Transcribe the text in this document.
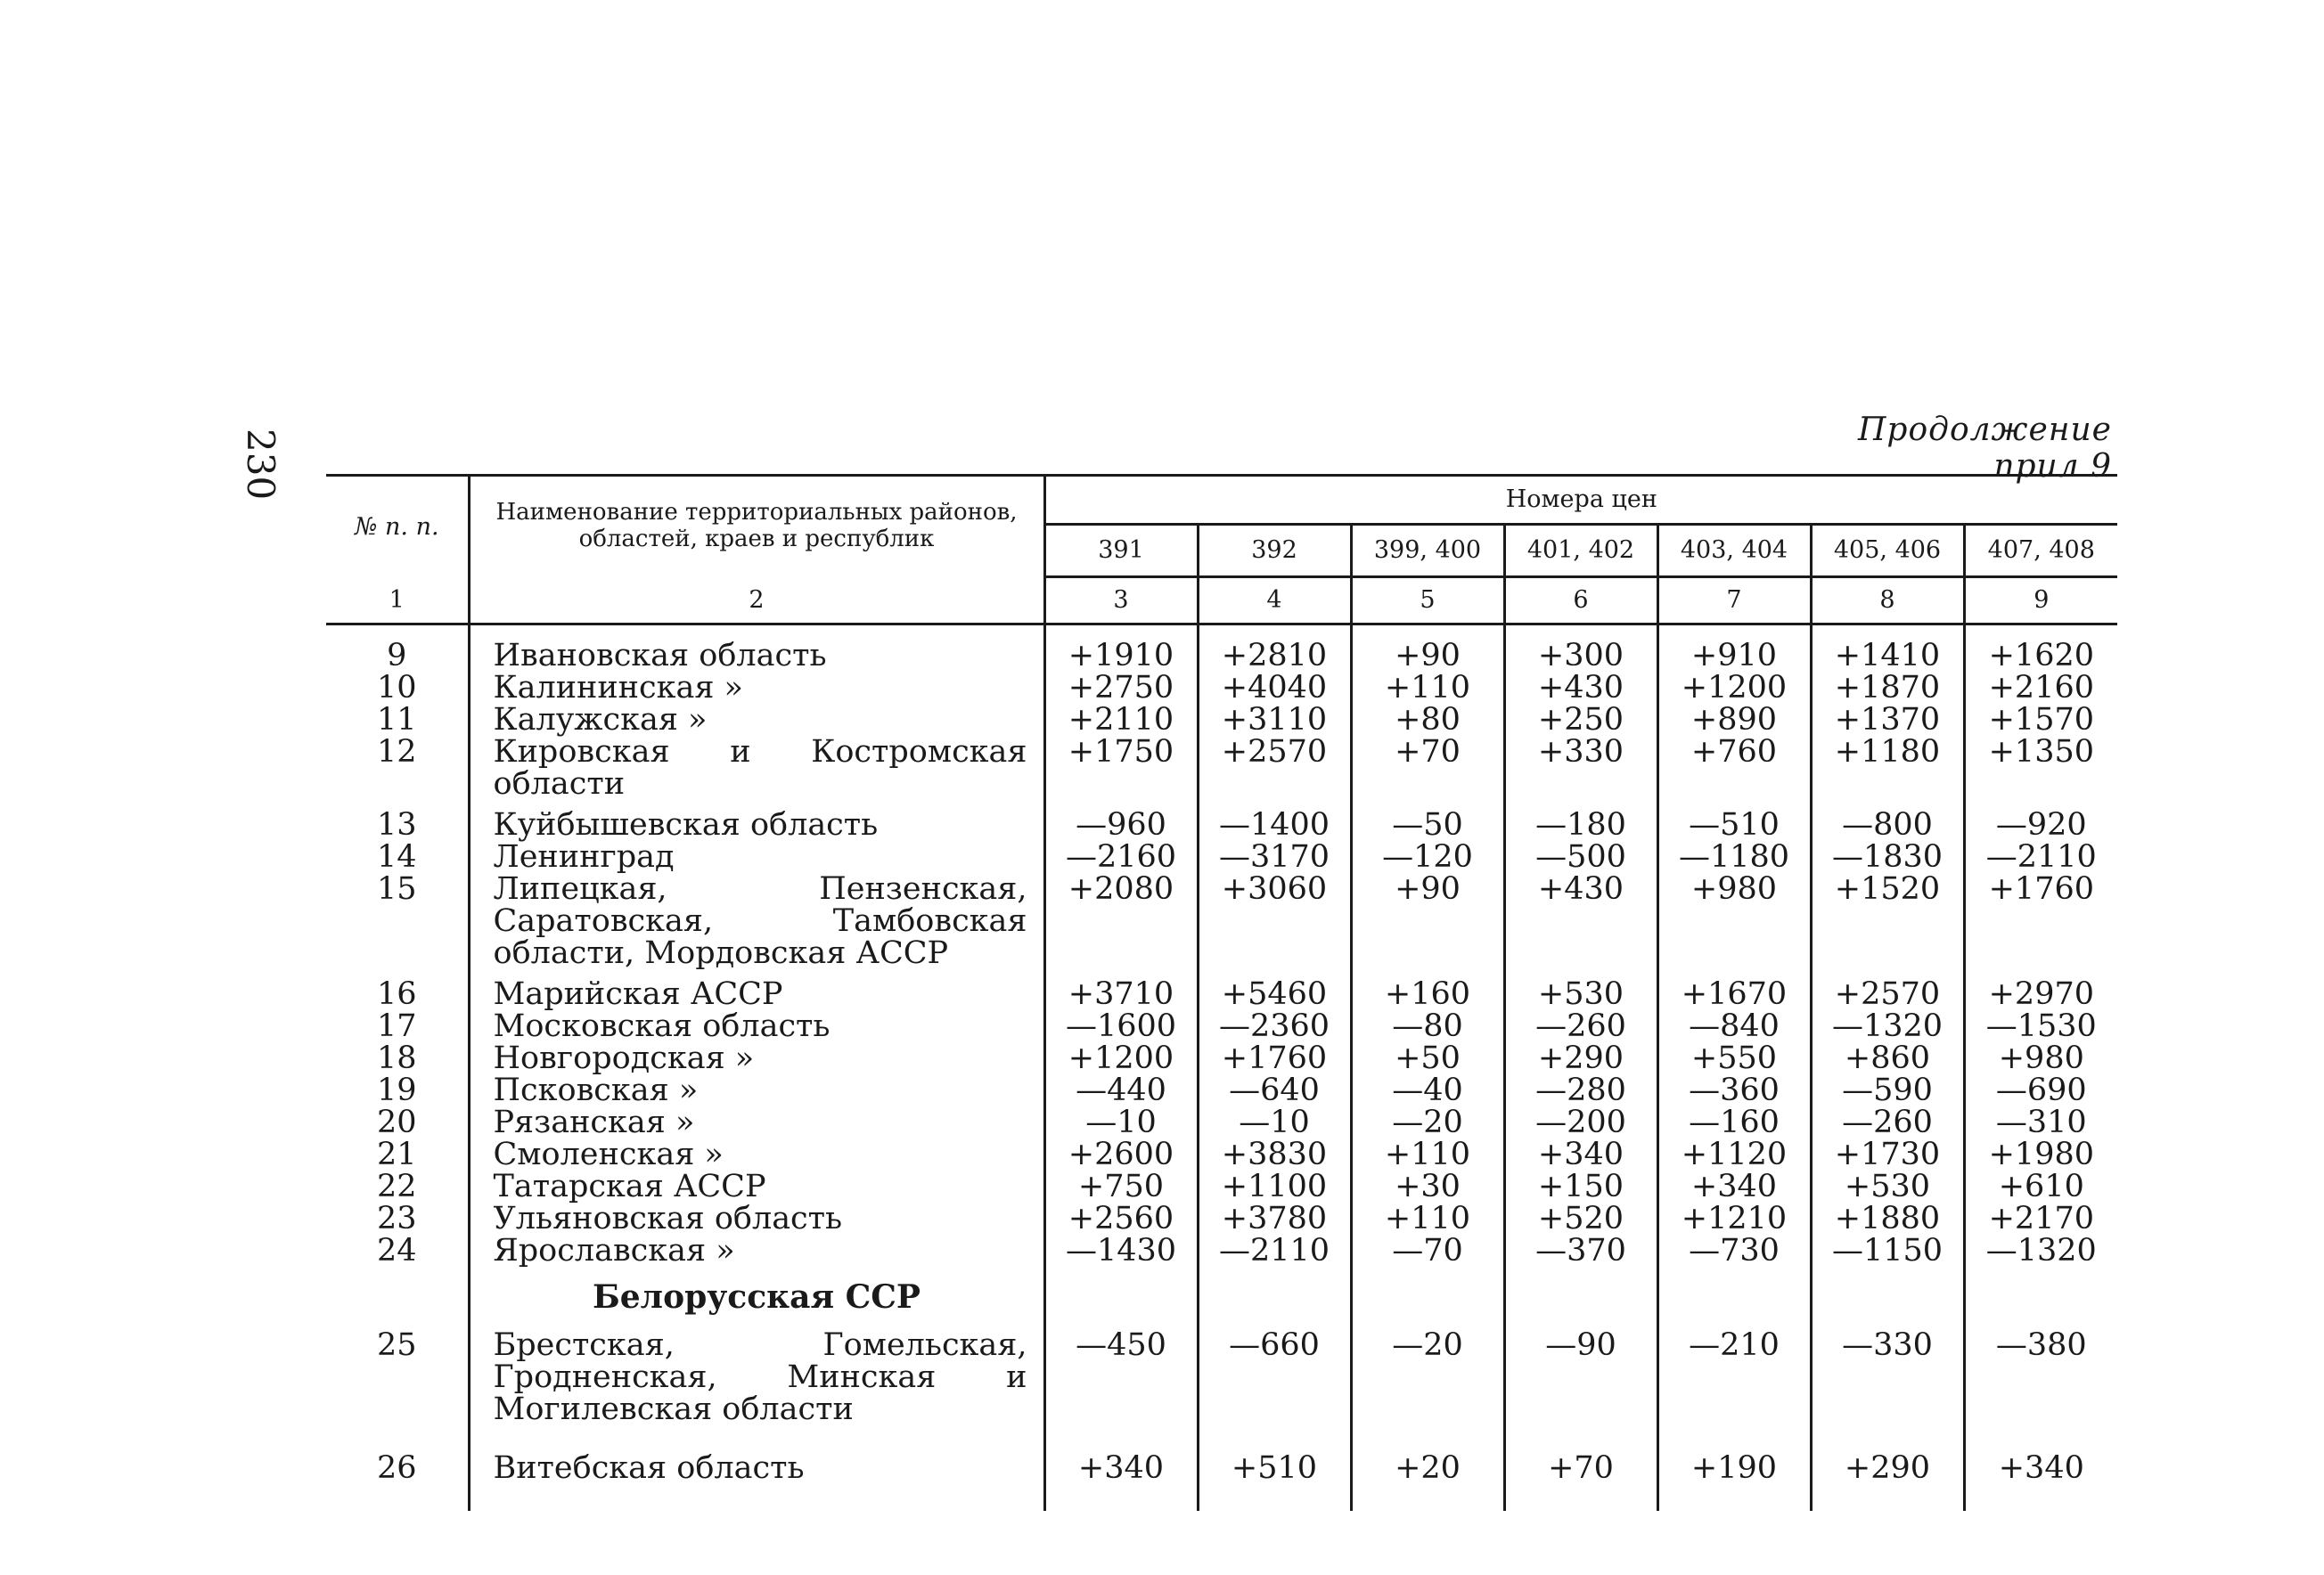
230	Продолжение прил 9
№ п. п.	Наименование территориальных районов, областей, краев и республик	Номера цен						
		391	392	399, 400	401, 402	403, 404	405, 406	407, 408
1	2	3	4	5	6	7	8	9

9	Ивановская область	+1910	+2810	+90	+300	+910	+1410	+1620
10	Калининская »	+2750	+4040	+110	+430	+1200	+1870	+2160
11	Калужская »	+2110	+3110	+80	+250	+890	+1370	+1570
12	Кировская и Костромская области	+1750	+2570	+70	+330	+760	+1180	+1350
13	Куйбышевская область	—960	—1400	—50	—180	—510	—800	—920
14	Ленинград	—2160	—3170	—120	—500	—1180	—1830	—2110
15	Липецкая, Пензенская, Саратовская, Тамбовская области, Мордовская АССР	+2080	+3060	+90	+430	+980	+1520	+1760
16	Марийская АССР	+3710	+5460	+160	+530	+1670	+2570	+2970
17	Московская область	—1600	—2360	—80	—260	—840	—1320	—1530
18	Новгородская »	+1200	+1760	+50	+290	+550	+860	+980
19	Псковская »	—440	—640	—40	—280	—360	—590	—690
20	Рязанская »	—10	—10	—20	—200	—160	—260	—310
21	Смоленская »	+2600	+3830	+110	+340	+1120	+1730	+1980
22	Татарская АССР	+750	+1100	+30	+150	+340	+530	+610
23	Ульяновская область	+2560	+3780	+110	+520	+1210	+1880	+2170
24	Ярославская »	—1430	—2110	—70	—370	—730	—1150	—1320
	Белорусская ССР							
25	Брестская, Гомельская, Гродненская, Минская и Могилевская области	—450	—660	—20	—90	—210	—330	—380
26	Витебская область	+340	+510	+20	+70	+190	+290	+340
